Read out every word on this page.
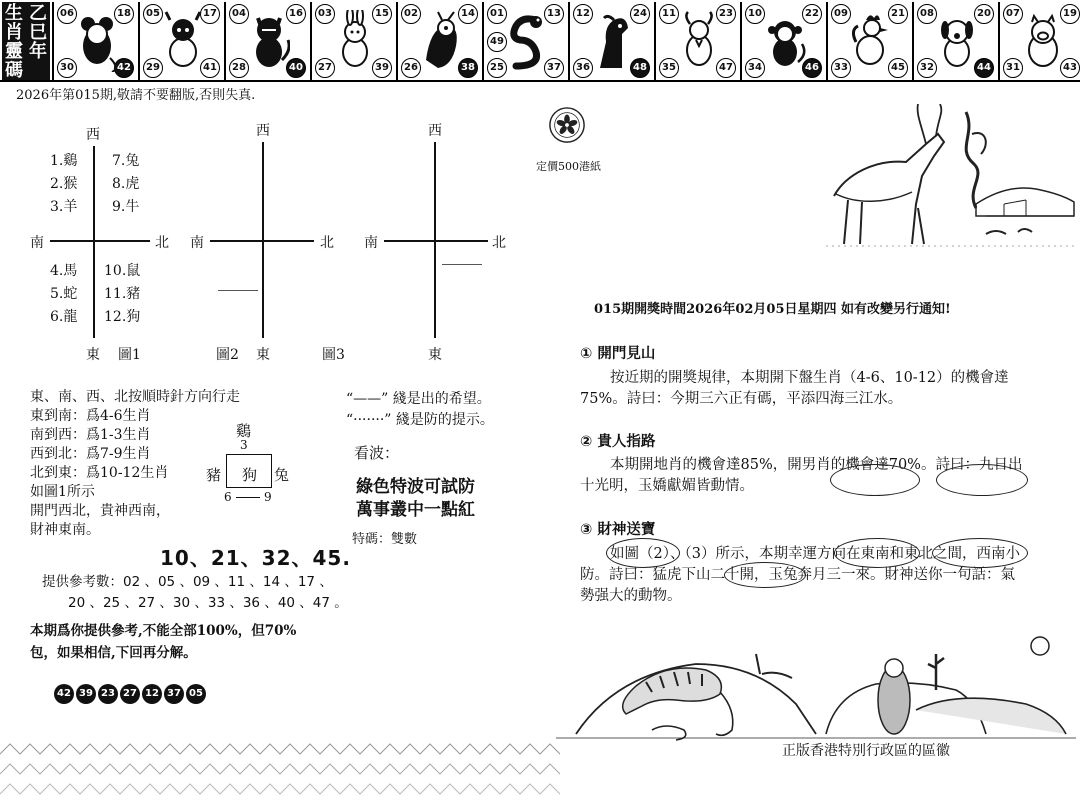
生
肖
靈
碼
乙
巳
年
06	18
30	42
05	17
29	41
04	16
28	40
03	15
27	39
02	14
26	38
01	13
25	37
49
12	24
36	48
11	23
35	47
10	22
34	46
09	21
33	45
08	20
32	44
07	19
31	43
2026年第015期,敬請不要翻版,否則失真.
西
南	北
東 圖1
1.鷄
2.猴
3.羊
7.兔
8.虎
9.牛
4.馬
5.蛇
6.龍
10.鼠
11.豬
12.狗
西
南	北
東
圖2
西
南	北
東
圖3
東、南、西、北按順時針方向行走
東到南：爲4-6生肖
南到西：爲1-3生肖
西到北：爲7-9生肖
北到東：爲10-12生肖
如圖1所示
開門西北，貴神西南，
財神東南。
鷄
3
豬 狗 兔
6	9
“——” 綫是出的希望。
“·······” 綫是防的提示。
看波：
綠色特波可試防
萬事叢中一點紅
特碼：雙數
10、21、32、45.
提供參考數：02 、05 、09 、11 、14 、17 、
20 、25 、27 、30 、33 、36 、40 、47 。
本期爲你提供參考,不能全部100%，但70%
包，如果相信,下回再分解。
42 39 23 27 12 37 05
定價500港紙
015期開獎時間2026年02月05日星期四 如有改變另行通知!
① 開門見山
按近期的開獎規律，本期開下盤生肖（4-6、10-12）的機會達75%。詩曰：今期三六正有碼，平添四海三江水。
② 貴人指路
本期開地肖的機會達85%，開男肖的機會達70%。詩曰：九日出十光明，玉嬌獻媚皆動情。
③ 財神送寶
如圖（2）、（3）所示，本期幸運方向在東南和東北之間，西南小防。詩曰：猛虎下山二十開，玉兔奔月三一來。財神送你一句話：氣勢强大的動物。
正版香港特別行政區的區徽
